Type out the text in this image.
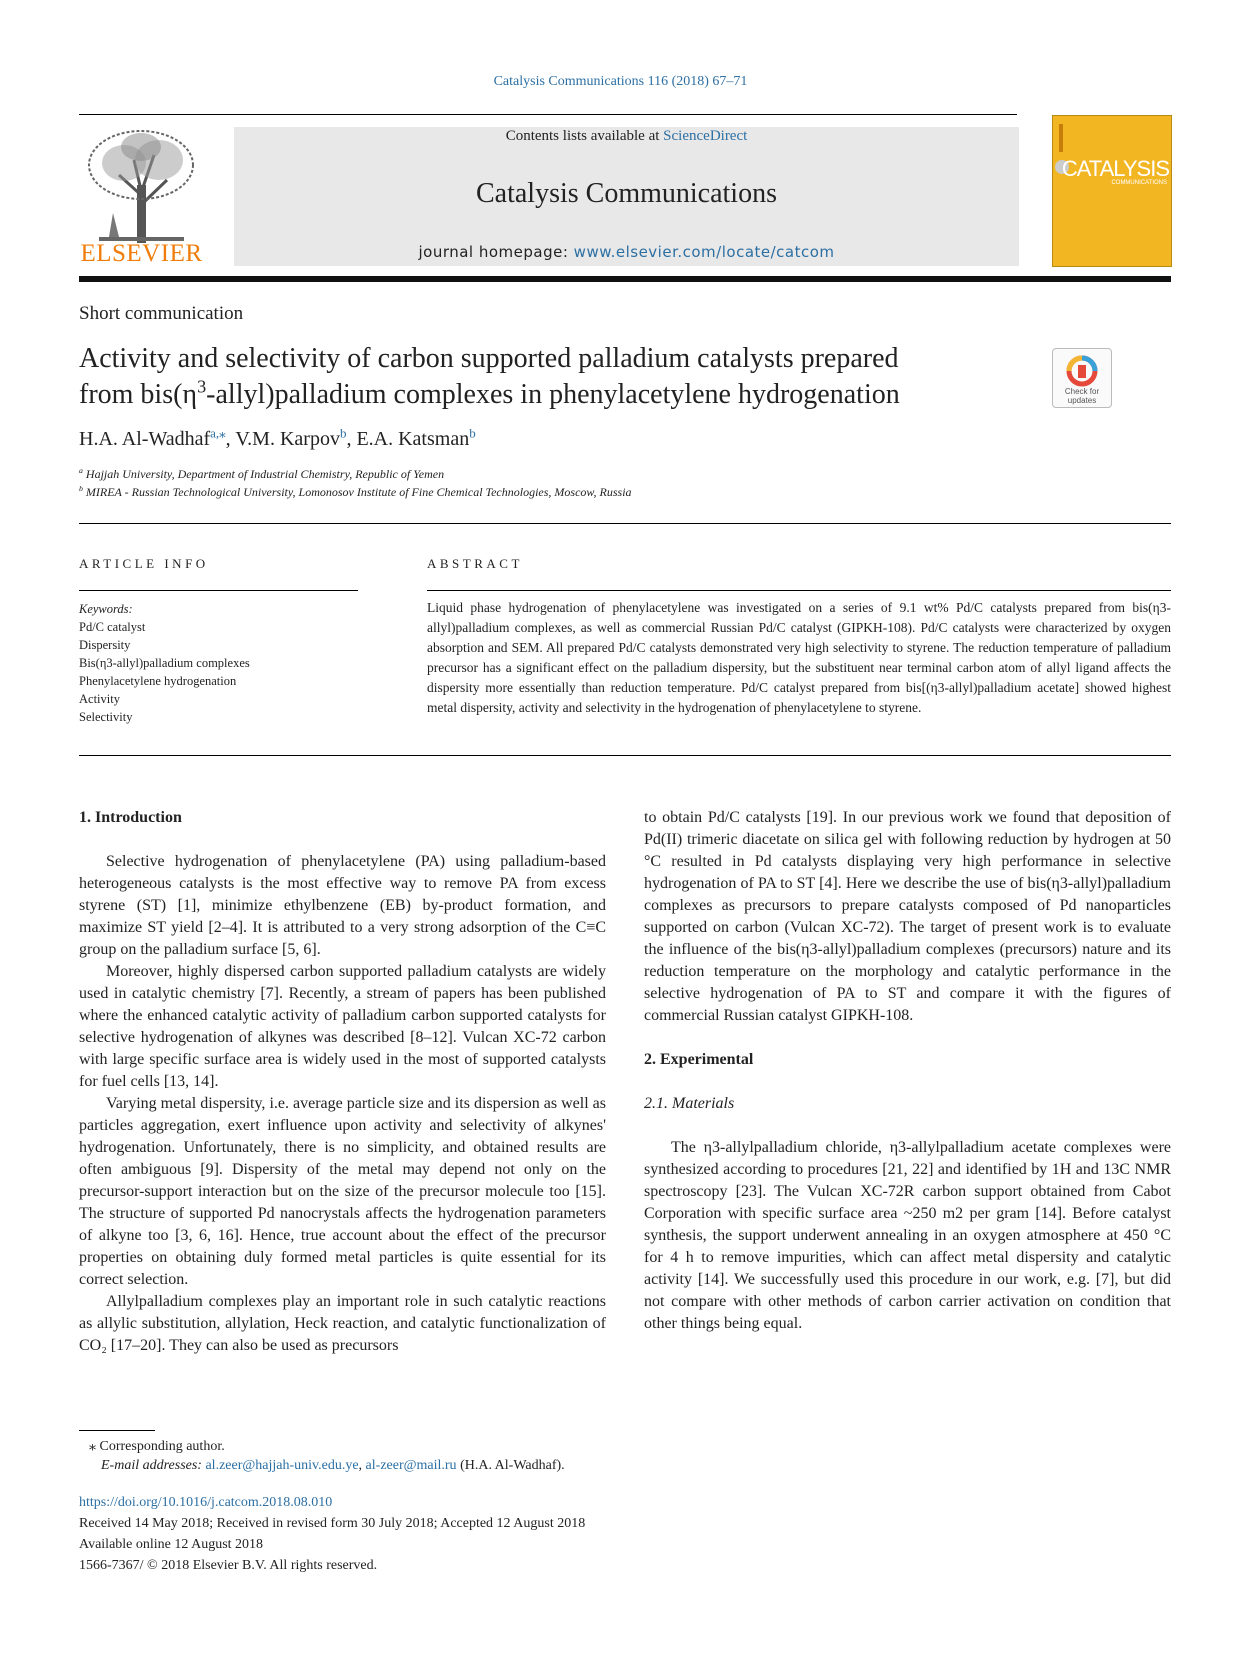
Catalysis Communications 116 (2018) 67–71
ELSEVIER
Contents lists available at ScienceDirect
Catalysis Communications
journal homepage: www.elsevier.com/locate/catcom
CATALYSIS
COMMUNICATIONS
Short communication
Activity and selectivity of carbon supported palladium catalysts prepared
from $bis(\eta^3-allyl)palladium$ complexes in phenylacetylene hydrogenation	Check for updates
H.A. Al-Wadhaf$^{a,⁎}$, V.M. Karpov$^b$, E.A. Katsman$^b$
$^a$ Hajjah University, Department of Industrial Chemistry, Republic of Yemen
$^b$ MIREA - Russian Technological University, Lomonosov Institute of Fine Chemical Technologies, Moscow, Russia
ARTICLE INFO	ABSTRACT
Keywords:
Pd/C catalyst
Dispersity
Bis(η3-allyl)palladium complexes
Phenylacetylene hydrogenation
Activity
Selectivity
Liquid phase hydrogenation of phenylacetylene was investigated on a series of 9.1 wt% Pd/C catalysts prepared from bis(η3-allyl)palladium complexes, as well as commercial Russian Pd/C catalyst (GIPKH-108). Pd/C catalysts were characterized by oxygen absorption and SEM. All prepared Pd/C catalysts demonstrated very high selectivity to styrene. The reduction temperature of palladium precursor has a significant effect on the palladium dispersity, but the substituent near terminal carbon atom of allyl ligand affects the dispersity more essentially than reduction temperature. Pd/C catalyst prepared from bis[(η3-allyl)palladium acetate] showed highest metal dispersity, activity and selectivity in the hydrogenation of phenylacetylene to styrene.
1. Introduction

Selective hydrogenation of phenylacetylene (PA) using palladium-based heterogeneous catalysts is the most effective way to remove PA from excess styrene (ST) [1], minimize ethylbenzene (EB) by-product formation, and maximize ST yield [2–4]. It is attributed to a very strong adsorption of the C≡C group on the palladium surface [5, 6].

Moreover, highly dispersed carbon supported palladium catalysts are widely used in catalytic chemistry [7]. Recently, a stream of papers has been published where the enhanced catalytic activity of palladium carbon supported catalysts for selective hydrogenation of alkynes was described [8–12]. Vulcan XC-72 carbon with large specific surface area is widely used in the most of supported catalysts for fuel cells [13, 14].

Varying metal dispersity, i.e. average particle size and its dispersion as well as particles aggregation, exert influence upon activity and selectivity of alkynes' hydrogenation. Unfortunately, there is no simplicity, and obtained results are often ambiguous [9]. Dispersity of the metal may depend not only on the precursor-support interaction but on the size of the precursor molecule too [15]. The structure of supported Pd nanocrystals affects the hydrogenation parameters of alkyne too [3, 6, 16]. Hence, true account about the effect of the precursor properties on obtaining duly formed metal particles is quite essential for its correct selection.

Allylpalladium complexes play an important role in such catalytic reactions as allylic substitution, allylation, Heck reaction, and catalytic functionalization of CO₂ [17–20]. They can also be used as precursors

to obtain Pd/C catalysts [19]. In our previous work we found that deposition of Pd(II) trimeric diacetate on silica gel with following reduction by hydrogen at 50 °C resulted in Pd catalysts displaying very high performance in selective hydrogenation of PA to ST [4]. Here we describe the use of bis(η3-allyl)palladium complexes as precursors to prepare catalysts composed of Pd nanoparticles supported on carbon (Vulcan XC-72). The target of present work is to evaluate the influence of the bis(η3-allyl)palladium complexes (precursors) nature and its reduction temperature on the morphology and catalytic performance in the selective hydrogenation of PA to ST and compare it with the figures of commercial Russian catalyst GIPKH-108.

2. Experimental
2.1. Materials

The η3-allylpalladium chloride, η3-allylpalladium acetate complexes were synthesized according to procedures [21, 22] and identified by 1H and 13C NMR spectroscopy [23]. The Vulcan XC-72R carbon support obtained from Cabot Corporation with specific surface area ~250 m2 per gram [14]. Before catalyst synthesis, the support underwent annealing in an oxygen atmosphere at 450 °C for 4 h to remove impurities, which can affect metal dispersity and catalytic activity [14]. We successfully used this procedure in our work, e.g. [7], but did not compare with other methods of carbon carrier activation on condition that other things being equal.

⁎ Corresponding author.
E-mail addresses: al.zeer@hajjah-univ.edu.ye, al-zeer@mail.ru (H.A. Al-Wadhaf).
https://doi.org/10.1016/j.catcom.2018.08.010
Received 14 May 2018; Received in revised form 30 July 2018; Accepted 12 August 2018
Available online 12 August 2018
1566-7367/ © 2018 Elsevier B.V. All rights reserved.
